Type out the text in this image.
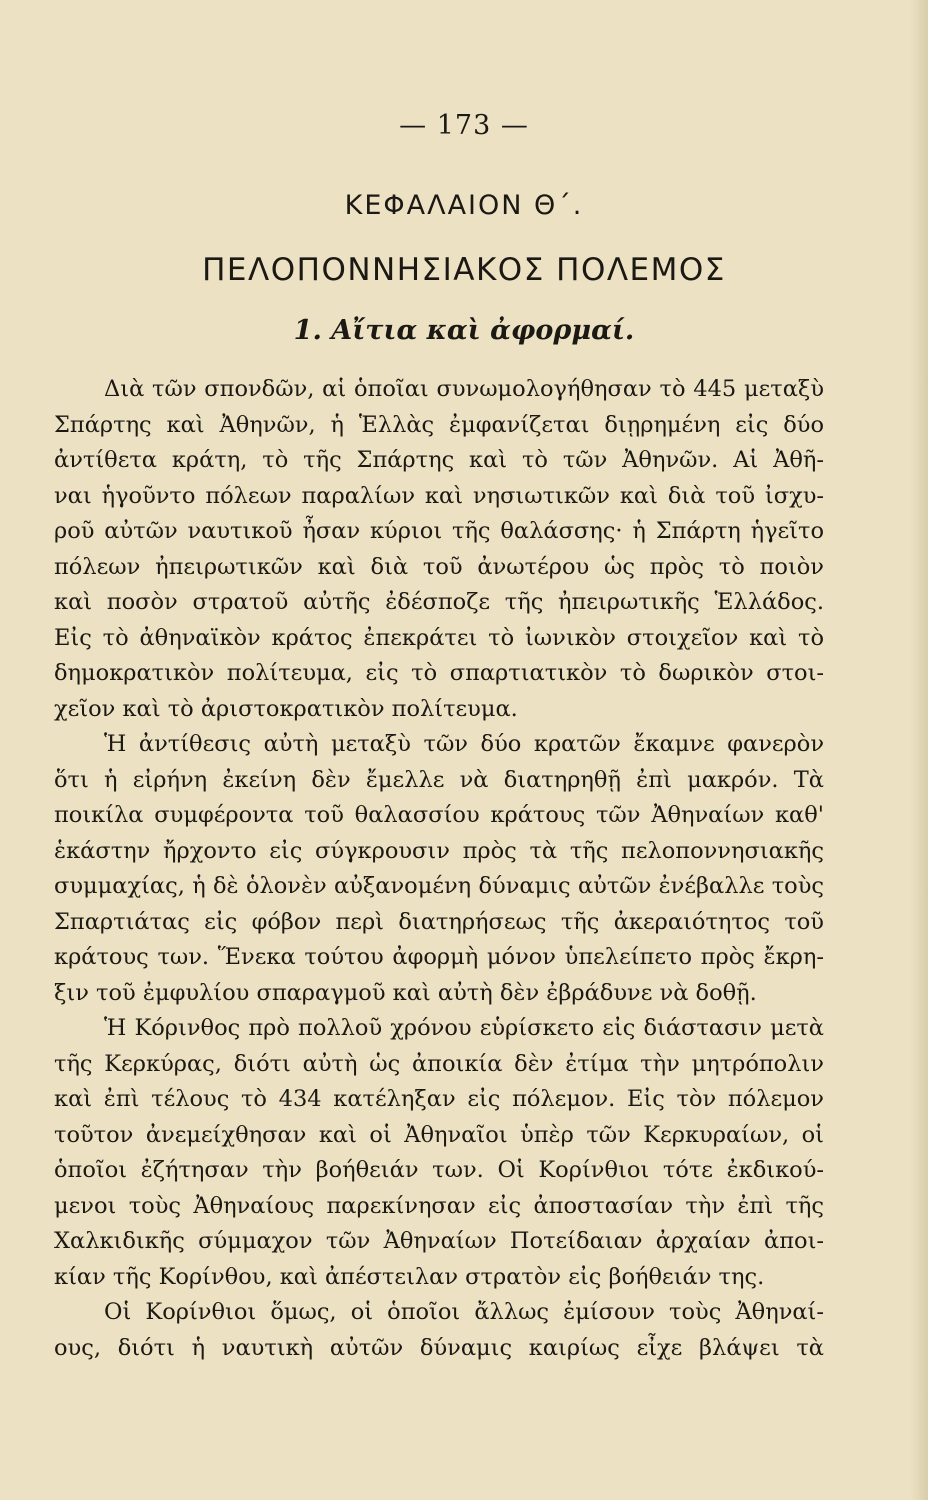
— 173 —
ΚΕΦΑΛΑΙΟΝ Θ΄.
ΠΕΛΟΠΟΝΝΗΣΙΑΚΟΣ ΠΟΛΕΜΟΣ
1. Αἴτια καὶ ἀφορμαί.
Διὰ τῶν σπονδῶν, αἱ ὁποῖαι συνωμολογήθησαν τὸ 445 μεταξὺ
Σπάρτης καὶ Ἀθηνῶν, ἡ Ἑλλὰς ἐμφανίζεται διῃρημένη εἰς δύο
ἀντίθετα κράτη, τὸ τῆς Σπάρτης καὶ τὸ τῶν Ἀθηνῶν. Αἱ Ἀθῆ-
ναι ἡγοῦντο πόλεων παραλίων καὶ νησιωτικῶν καὶ διὰ τοῦ ἰσχυ-
ροῦ αὐτῶν ναυτικοῦ ἦσαν κύριοι τῆς θαλάσσης· ἡ Σπάρτη ἡγεῖτο
πόλεων ἠπειρωτικῶν καὶ διὰ τοῦ ἀνωτέρου ὡς πρὸς τὸ ποιὸν
καὶ ποσὸν στρατοῦ αὐτῆς ἐδέσποζε τῆς ἠπειρωτικῆς Ἑλλάδος.
Εἰς τὸ ἀθηναϊκὸν κράτος ἐπεκράτει τὸ ἰωνικὸν στοιχεῖον καὶ τὸ
δημοκρατικὸν πολίτευμα, εἰς τὸ σπαρτιατικὸν τὸ δωρικὸν στοι-
χεῖον καὶ τὸ ἀριστοκρατικὸν πολίτευμα.
Ἡ ἀντίθεσις αὐτὴ μεταξὺ τῶν δύο κρατῶν ἔκαμνε φανερὸν
ὅτι ἡ εἰρήνη ἐκείνη δὲν ἔμελλε νὰ διατηρηθῇ ἐπὶ μακρόν. Τὰ
ποικίλα συμφέροντα τοῦ θαλασσίου κράτους τῶν Ἀθηναίων καθ'
ἑκάστην ἤρχοντο εἰς σύγκρουσιν πρὸς τὰ τῆς πελοποννησιακῆς
συμμαχίας, ἡ δὲ ὁλονὲν αὐξανομένη δύναμις αὐτῶν ἐνέβαλλε τοὺς
Σπαρτιάτας εἰς φόβον περὶ διατηρήσεως τῆς ἀκεραιότητος τοῦ
κράτους των. Ἕνεκα τούτου ἀφορμὴ μόνον ὑπελείπετο πρὸς ἔκρη-
ξιν τοῦ ἐμφυλίου σπαραγμοῦ καὶ αὐτὴ δὲν ἐβράδυνε νὰ δοθῇ.
Ἡ Κόρινθος πρὸ πολλοῦ χρόνου εὑρίσκετο εἰς διάστασιν μετὰ
τῆς Κερκύρας, διότι αὐτὴ ὡς ἀποικία δὲν ἐτίμα τὴν μητρόπολιν
καὶ ἐπὶ τέλους τὸ 434 κατέληξαν εἰς πόλεμον. Εἰς τὸν πόλεμον
τοῦτον ἀνεμείχθησαν καὶ οἱ Ἀθηναῖοι ὑπὲρ τῶν Κερκυραίων, οἱ
ὁποῖοι ἐζήτησαν τὴν βοήθειάν των. Οἱ Κορίνθιοι τότε ἐκδικού-
μενοι τοὺς Ἀθηναίους παρεκίνησαν εἰς ἀποστασίαν τὴν ἐπὶ τῆς
Χαλκιδικῆς σύμμαχον τῶν Ἀθηναίων Ποτείδαιαν ἀρχαίαν ἀποι-
κίαν τῆς Κορίνθου, καὶ ἀπέστειλαν στρατὸν εἰς βοήθειάν της.
Οἱ Κορίνθιοι ὅμως, οἱ ὁποῖοι ἄλλως ἐμίσουν τοὺς Ἀθηναί-
ους, διότι ἡ ναυτικὴ αὐτῶν δύναμις καιρίως εἶχε βλάψει τὰ
